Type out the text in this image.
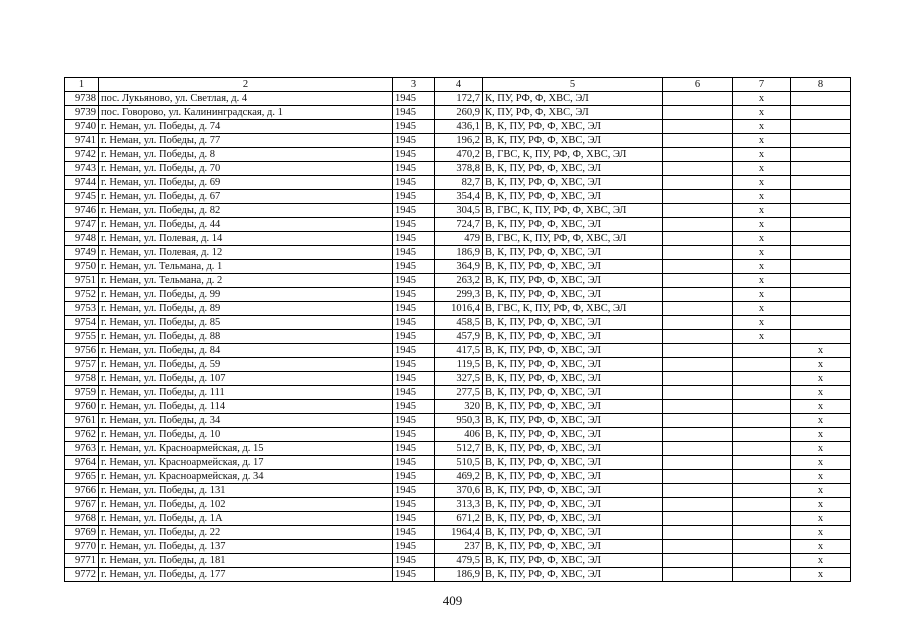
1	2	3	4	5	6	7	8
9738	пос. Лукьяново, ул. Светлая, д. 4	1945	172,7	К, ПУ, РФ, Ф, ХВС, ЭЛ		х	
9739	пос. Говорово, ул. Калининградская, д. 1	1945	260,9	К, ПУ, РФ, Ф, ХВС, ЭЛ		х	
9740	г. Неман, ул. Победы, д. 74	1945	436,1	В, К, ПУ, РФ, Ф, ХВС, ЭЛ		х	
9741	г. Неман, ул. Победы, д. 77	1945	196,2	В, К, ПУ, РФ, Ф, ХВС, ЭЛ		х	
9742	г. Неман, ул. Победы, д. 8	1945	470,2	В, ГВС, К, ПУ, РФ, Ф, ХВС, ЭЛ		х	
9743	г. Неман, ул. Победы, д. 70	1945	378,8	В, К, ПУ, РФ, Ф, ХВС, ЭЛ		х	
9744	г. Неман, ул. Победы, д. 69	1945	82,7	В, К, ПУ, РФ, Ф, ХВС, ЭЛ		х	
9745	г. Неман, ул. Победы, д. 67	1945	354,4	В, К, ПУ, РФ, Ф, ХВС, ЭЛ		х	
9746	г. Неман, ул. Победы, д. 82	1945	304,5	В, ГВС, К, ПУ, РФ, Ф, ХВС, ЭЛ		х	
9747	г. Неман, ул. Победы, д. 44	1945	724,7	В, К, ПУ, РФ, Ф, ХВС, ЭЛ		х	
9748	г. Неман, ул. Полевая, д. 14	1945	479	В, ГВС, К, ПУ, РФ, Ф, ХВС, ЭЛ		х	
9749	г. Неман, ул. Полевая, д. 12	1945	186,9	В, К, ПУ, РФ, Ф, ХВС, ЭЛ		х	
9750	г. Неман, ул. Тельмана, д. 1	1945	364,9	В, К, ПУ, РФ, Ф, ХВС, ЭЛ		х	
9751	г. Неман, ул. Тельмана, д. 2	1945	263,2	В, К, ПУ, РФ, Ф, ХВС, ЭЛ		х	
9752	г. Неман, ул. Победы, д. 99	1945	299,3	В, К, ПУ, РФ, Ф, ХВС, ЭЛ		х	
9753	г. Неман, ул. Победы, д. 89	1945	1016,4	В, ГВС, К, ПУ, РФ, Ф, ХВС, ЭЛ		х	
9754	г. Неман, ул. Победы, д. 85	1945	458,5	В, К, ПУ, РФ, Ф, ХВС, ЭЛ		х	
9755	г. Неман, ул. Победы, д. 88	1945	457,9	В, К, ПУ, РФ, Ф, ХВС, ЭЛ		х	
9756	г. Неман, ул. Победы, д. 84	1945	417,5	В, К, ПУ, РФ, Ф, ХВС, ЭЛ			х
9757	г. Неман, ул. Победы, д. 59	1945	119,5	В, К, ПУ, РФ, Ф, ХВС, ЭЛ			х
9758	г. Неман, ул. Победы, д. 107	1945	327,5	В, К, ПУ, РФ, Ф, ХВС, ЭЛ			х
9759	г. Неман, ул. Победы, д. 111	1945	277,5	В, К, ПУ, РФ, Ф, ХВС, ЭЛ			х
9760	г. Неман, ул. Победы, д. 114	1945	320	В, К, ПУ, РФ, Ф, ХВС, ЭЛ			х
9761	г. Неман, ул. Победы, д. 34	1945	950,3	В, К, ПУ, РФ, Ф, ХВС, ЭЛ			х
9762	г. Неман, ул. Победы, д. 10	1945	406	В, К, ПУ, РФ, Ф, ХВС, ЭЛ			х
9763	г. Неман, ул. Красноармейская, д. 15	1945	512,7	В, К, ПУ, РФ, Ф, ХВС, ЭЛ			х
9764	г. Неман, ул. Красноармейская, д. 17	1945	510,5	В, К, ПУ, РФ, Ф, ХВС, ЭЛ			х
9765	г. Неман, ул. Красноармейская, д. 34	1945	469,2	В, К, ПУ, РФ, Ф, ХВС, ЭЛ			х
9766	г. Неман, ул. Победы, д. 131	1945	370,6	В, К, ПУ, РФ, Ф, ХВС, ЭЛ			х
9767	г. Неман, ул. Победы, д. 102	1945	313,3	В, К, ПУ, РФ, Ф, ХВС, ЭЛ			х
9768	г. Неман, ул. Победы, д. 1А	1945	671,2	В, К, ПУ, РФ, Ф, ХВС, ЭЛ			х
9769	г. Неман, ул. Победы, д. 22	1945	1964,4	В, К, ПУ, РФ, Ф, ХВС, ЭЛ			х
9770	г. Неман, ул. Победы, д. 137	1945	237	В, К, ПУ, РФ, Ф, ХВС, ЭЛ			х
9771	г. Неман, ул. Победы, д. 181	1945	479,5	В, К, ПУ, РФ, Ф, ХВС, ЭЛ			х
9772	г. Неман, ул. Победы, д. 177	1945	186,9	В, К, ПУ, РФ, Ф, ХВС, ЭЛ			х
409
